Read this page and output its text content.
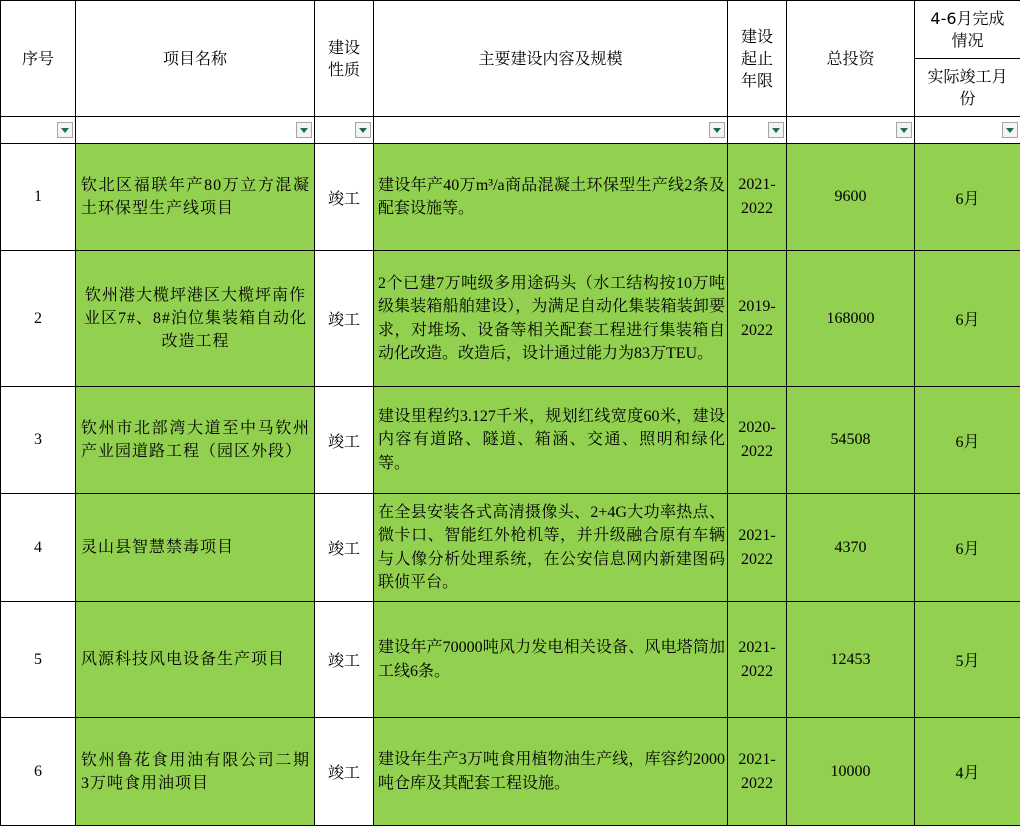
序号	项目名称	建设性质	主要建设内容及规模	建设起止年限	总投资	4-6月完成情况

						实际竣工月份

1	钦北区福联年产80万立方混凝土环保型生产线项目	竣工	建设年产40万m³/a商品混凝土环保型生产线2条及配套设施等。	2021-2022	9600	6月
2	钦州港大榄坪港区大榄坪南作业区7#、8#泊位集装箱自动化改造工程	竣工	2个已建7万吨级多用途码头（水工结构按10万吨级集装箱船舶建设），为满足自动化集装箱装卸要求，对堆场、设备等相关配套工程进行集装箱自动化改造。改造后，设计通过能力为83万TEU。	2019-2022	168000	6月
3	钦州市北部湾大道至中马钦州产业园道路工程（园区外段）	竣工	建设里程约3.127千米，规划红线宽度60米，建设内容有道路、隧道、箱涵、交通、照明和绿化等。	2020-2022	54508	6月
4	灵山县智慧禁毒项目	竣工	在全县安装各式高清摄像头、2+4G大功率热点、微卡口、智能红外枪机等，并升级融合原有车辆与人像分析处理系统，在公安信息网内新建图码联侦平台。	2021-2022	4370	6月
5	风源科技风电设备生产项目	竣工	建设年产70000吨风力发电相关设备、风电塔筒加工线6条。	2021-2022	12453	5月
6	钦州鲁花食用油有限公司二期3万吨食用油项目	竣工	建设年生产3万吨食用植物油生产线，库容约2000吨仓库及其配套工程设施。	2021-2022	10000	4月
